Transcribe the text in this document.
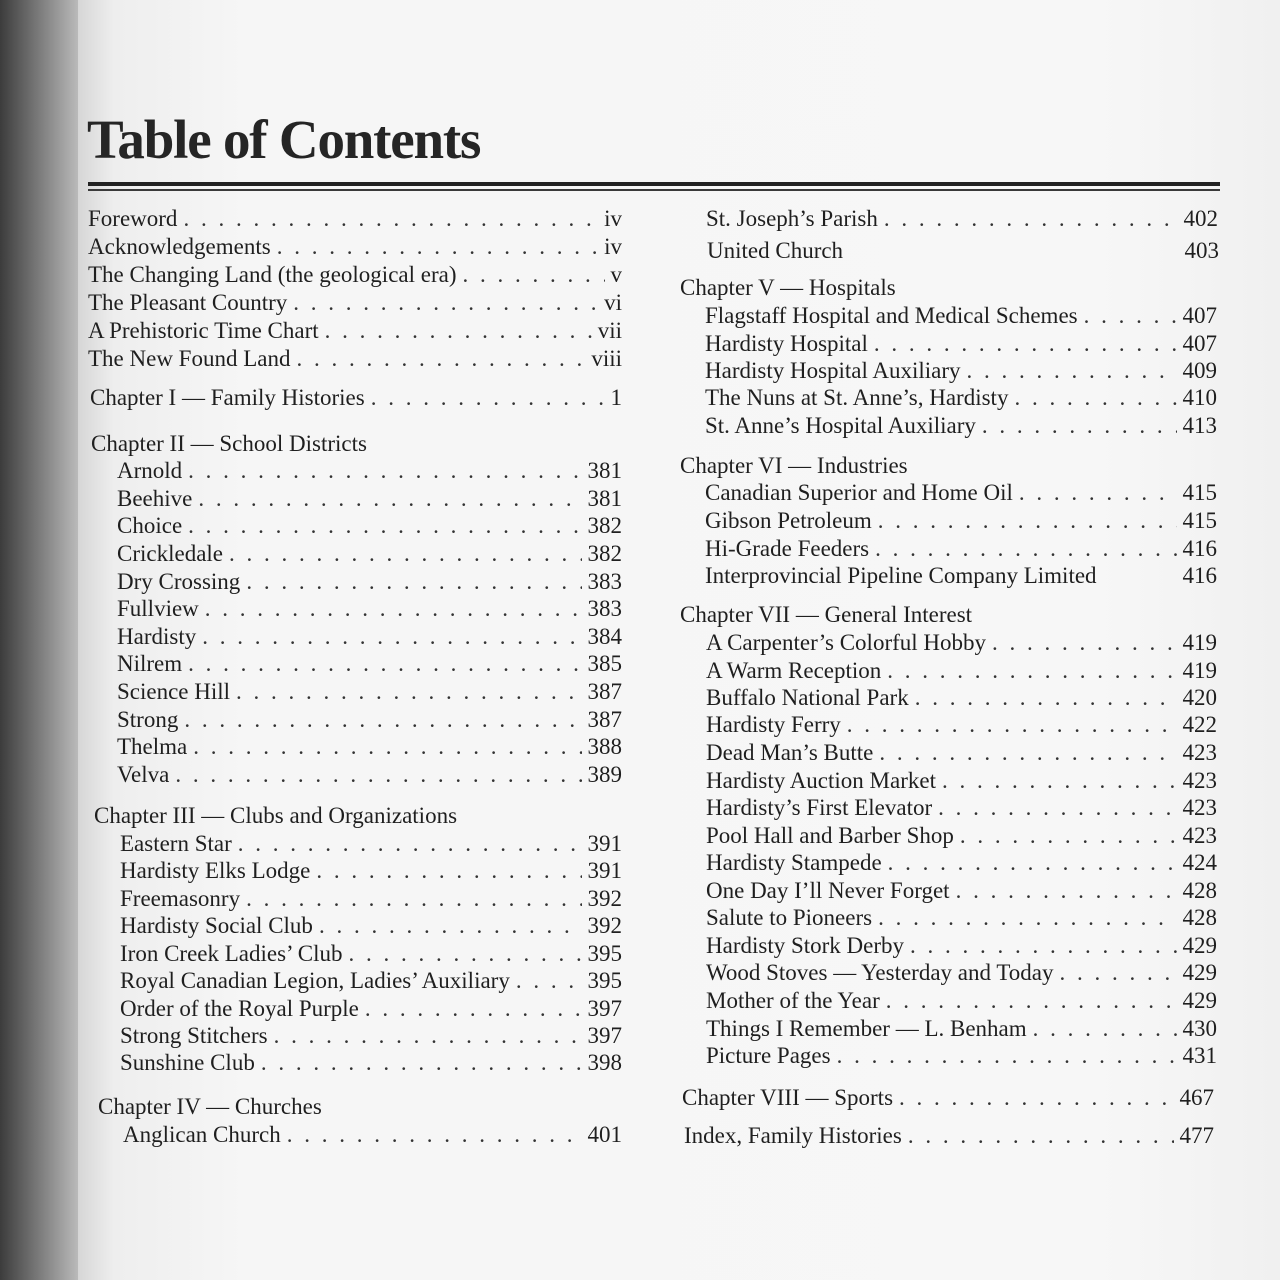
Table of Contents
Foreword . . .	iv
Acknowledgements . . .	iv
The Changing Land (the geological era) . . .	v
The Pleasant Country . . .	vi
A Prehistoric Time Chart . . .	vii
The New Found Land . . .	viii
Chapter I — Family Histories . . .	1
Chapter II — School Districts
Arnold . . .	381
Beehive . . .	381
Choice . . .	382
Crickledale . . .	382
Dry Crossing . . .	383
Fullview . . .	383
Hardisty . . .	384
Nilrem . . .	385
Science Hill . . .	387
Strong . . .	387
Thelma . . .	388
Velva . . .	389
Chapter III — Clubs and Organizations
Eastern Star . . .	391
Hardisty Elks Lodge . . .	391
Freemasonry . . .	392
Hardisty Social Club . . .	392
Iron Creek Ladies’ Club . . .	395
Royal Canadian Legion, Ladies’ Auxiliary . . .	395
Order of the Royal Purple . . .	397
Strong Stitchers . . .	397
Sunshine Club . . .	398
Chapter IV — Churches
Anglican Church . . .	401
St. Joseph’s Parish . . .	402
United Church	403
Chapter V — Hospitals
Flagstaff Hospital and Medical Schemes . . .	407
Hardisty Hospital . . .	407
Hardisty Hospital Auxiliary . . .	409
The Nuns at St. Anne’s, Hardisty . . .	410
St. Anne’s Hospital Auxiliary . . .	413
Chapter VI — Industries
Canadian Superior and Home Oil . . .	415
Gibson Petroleum . . .	415
Hi-Grade Feeders . . .	416
Interprovincial Pipeline Company Limited	416
Chapter VII — General Interest
A Carpenter’s Colorful Hobby . . .	419
A Warm Reception . . .	419
Buffalo National Park . . .	420
Hardisty Ferry . . .	422
Dead Man’s Butte . . .	423
Hardisty Auction Market . . .	423
Hardisty’s First Elevator . . .	423
Pool Hall and Barber Shop . . .	423
Hardisty Stampede . . .	424
One Day I’ll Never Forget . . .	428
Salute to Pioneers . . .	428
Hardisty Stork Derby . . .	429
Wood Stoves — Yesterday and Today . . .	429
Mother of the Year . . .	429
Things I Remember — L. Benham . . .	430
Picture Pages . . .	431
Chapter VIII — Sports . . .	467
Index, Family Histories . . .	477
